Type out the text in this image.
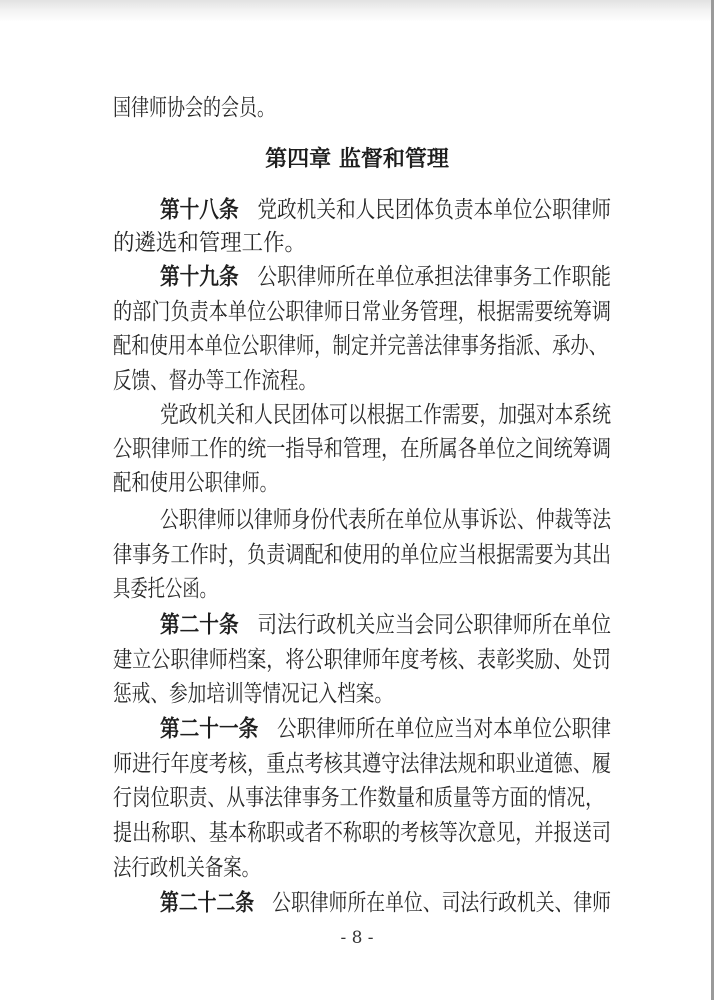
国律师协会的会员。

第四章 监督和管理

第十八条 党政机关和人民团体负责本单位公职律师

的遴选和管理工作。

第十九条 公职律师所在单位承担法律事务工作职能

的部门负责本单位公职律师日常业务管理，根据需要统筹调

配和使用本单位公职律师，制定并完善法律事务指派、承办、

反馈、督办等工作流程。

党政机关和人民团体可以根据工作需要，加强对本系统

公职律师工作的统一指导和管理，在所属各单位之间统筹调

配和使用公职律师。

公职律师以律师身份代表所在单位从事诉讼、仲裁等法

律事务工作时，负责调配和使用的单位应当根据需要为其出

具委托公函。

第二十条 司法行政机关应当会同公职律师所在单位

建立公职律师档案，将公职律师年度考核、表彰奖励、处罚

惩戒、参加培训等情况记入档案。

第二十一条 公职律师所在单位应当对本单位公职律

师进行年度考核，重点考核其遵守法律法规和职业道德、履

行岗位职责、从事法律事务工作数量和质量等方面的情况，

提出称职、基本称职或者不称职的考核等次意见，并报送司

法行政机关备案。

第二十二条 公职律师所在单位、司法行政机关、律师

- 8 -
